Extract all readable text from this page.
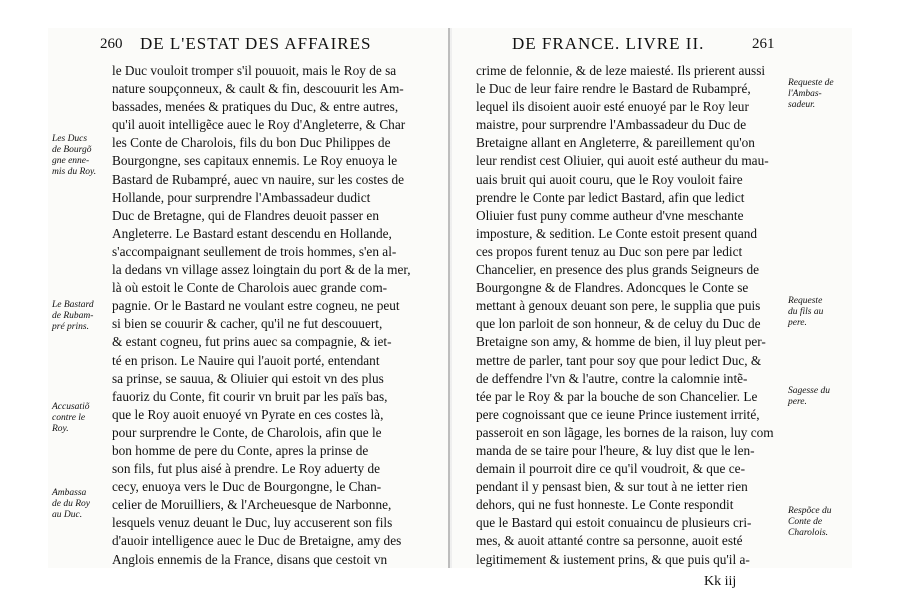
260 DE L'ESTAT DES AFFAIRES
le Duc vouloit tromper s'il pouuoit, mais le Roy de sa
nature soupçonneux, & cault & fin, descouurit les Am-
bassades, menées & pratiques du Duc, & entre autres,
qu'il auoit intelligẽce auec le Roy d'Angleterre, & Char
les Conte de Charolois, fils du bon Duc Philippes de
Bourgongne, ses capitaux ennemis. Le Roy enuoya le
Bastard de Rubampré, auec vn nauire, sur les costes de
Hollande, pour surprendre l'Ambassadeur dudict
Duc de Bretagne, qui de Flandres deuoit passer en
Angleterre. Le Bastard estant descendu en Hollande,
s'accompaignant seullement de trois hommes, s'en al-
la dedans vn village assez loingtain du port & de la mer,
là où estoit le Conte de Charolois auec grande com-
pagnie. Or le Bastard ne voulant estre cogneu, ne peut
si bien se couurir & cacher, qu'il ne fut descouuert,
& estant cogneu, fut prins auec sa compagnie, & iet-
té en prison. Le Nauire qui l'auoit porté, entendant
sa prinse, se sauua, & Oliuier qui estoit vn des plus
fauoriz du Conte, fit courir vn bruit par les païs bas,
que le Roy auoit enuoyé vn Pyrate en ces costes là,
pour surprendre le Conte, de Charolois, afin que le
bon homme de pere du Conte, apres la prinse de
son fils, fut plus aisé à prendre. Le Roy aduerty de
cecy, enuoya vers le Duc de Bourgongne, le Chan-
celier de Moruilliers, & l'Archeuesque de Narbonne,
lesquels venuz deuant le Duc, luy accuserent son fils
d'auoir intelligence auec le Duc de Bretaigne, amy des
Anglois ennemis de la France, disans que cestoit vn
Les Ducs
de Bourgõ
gne enne-
mis du Roy.
Le Bastard
de Rubam-
pré prins.
Accusatiõ
contre le
Roy.
Ambassa
de du Roy
au Duc.
DE FRANCE. LIVRE II.	261
crime de felonnie, & de leze maiesté. Ils prierent aussi
le Duc de leur faire rendre le Bastard de Rubampré,
lequel ils disoient auoir esté enuoyé par le Roy leur
maistre, pour surprendre l'Ambassadeur du Duc de
Bretaigne allant en Angleterre, & pareillement qu'on
leur rendist cest Oliuier, qui auoit esté autheur du mau-
uais bruit qui auoit couru, que le Roy vouloit faire
prendre le Conte par ledict Bastard, afin que ledict
Oliuier fust puny comme autheur d'vne meschante
imposture, & sedition. Le Conte estoit present quand
ces propos furent tenuz au Duc son pere par ledict
Chancelier, en presence des plus grands Seigneurs de
Bourgongne & de Flandres. Adoncques le Conte se
mettant à genoux deuant son pere, le supplia que puis
que lon parloit de son honneur, & de celuy du Duc de
Bretaigne son amy, & homme de bien, il luy pleut per-
mettre de parler, tant pour soy que pour ledict Duc, &
de deffendre l'vn & l'autre, contre la calomnie intẽ-
tée par le Roy & par la bouche de son Chancelier. Le
pere cognoissant que ce ieune Prince iustement irrité,
passeroit en son lãgage, les bornes de la raison, luy com
manda de se taire pour l'heure, & luy dist que le len-
demain il pourroit dire ce qu'il voudroit, & que ce-
pendant il y pensast bien, & sur tout à ne ietter rien
dehors, qui ne fust honneste. Le Conte respondit
que le Bastard qui estoit conuaincu de plusieurs cri-
mes, & auoit attanté contre sa personne, auoit esté
legitimement & iustement prins, & que puis qu'il a-
Kk iij
Requeste de
l'Ambas-
sadeur.
Requeste
du fils au
pere.
Sagesse du
pere.
Respõce du
Conte de
Charolois.
